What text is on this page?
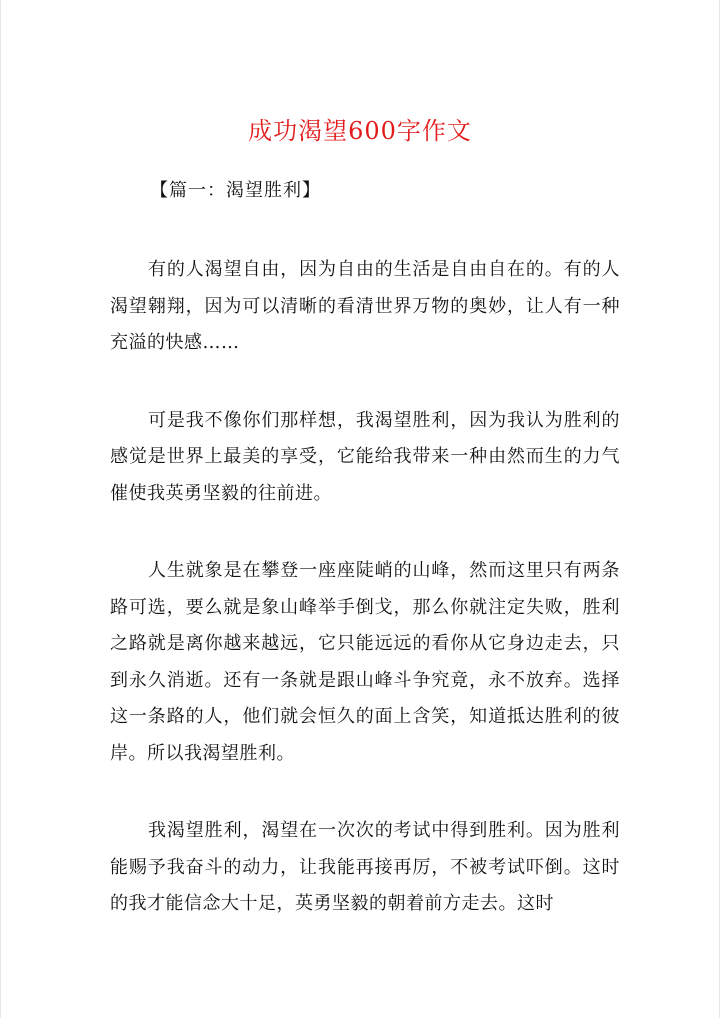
成功渴望600字作文
【篇一：渴望胜利】

有的人渴望自由，因为自由的生活是自由自在的。有的人渴望翱翔，因为可以清晰的看清世界万物的奥妙，让人有一种充溢的快感……

可是我不像你们那样想，我渴望胜利，因为我认为胜利的感觉是世界上最美的享受，它能给我带来一种由然而生的力气催使我英勇坚毅的往前进。

人生就象是在攀登一座座陡峭的山峰，然而这里只有两条路可选，要么就是象山峰举手倒戈，那么你就注定失败，胜利之路就是离你越来越远，它只能远远的看你从它身边走去，只到永久消逝。还有一条就是跟山峰斗争究竟，永不放弃。选择这一条路的人，他们就会恒久的面上含笑，知道抵达胜利的彼岸。所以我渴望胜利。

我渴望胜利，渴望在一次次的考试中得到胜利。因为胜利能赐予我奋斗的动力，让我能再接再厉，不被考试吓倒。这时的我才能信念大十足，英勇坚毅的朝着前方走去。这时
